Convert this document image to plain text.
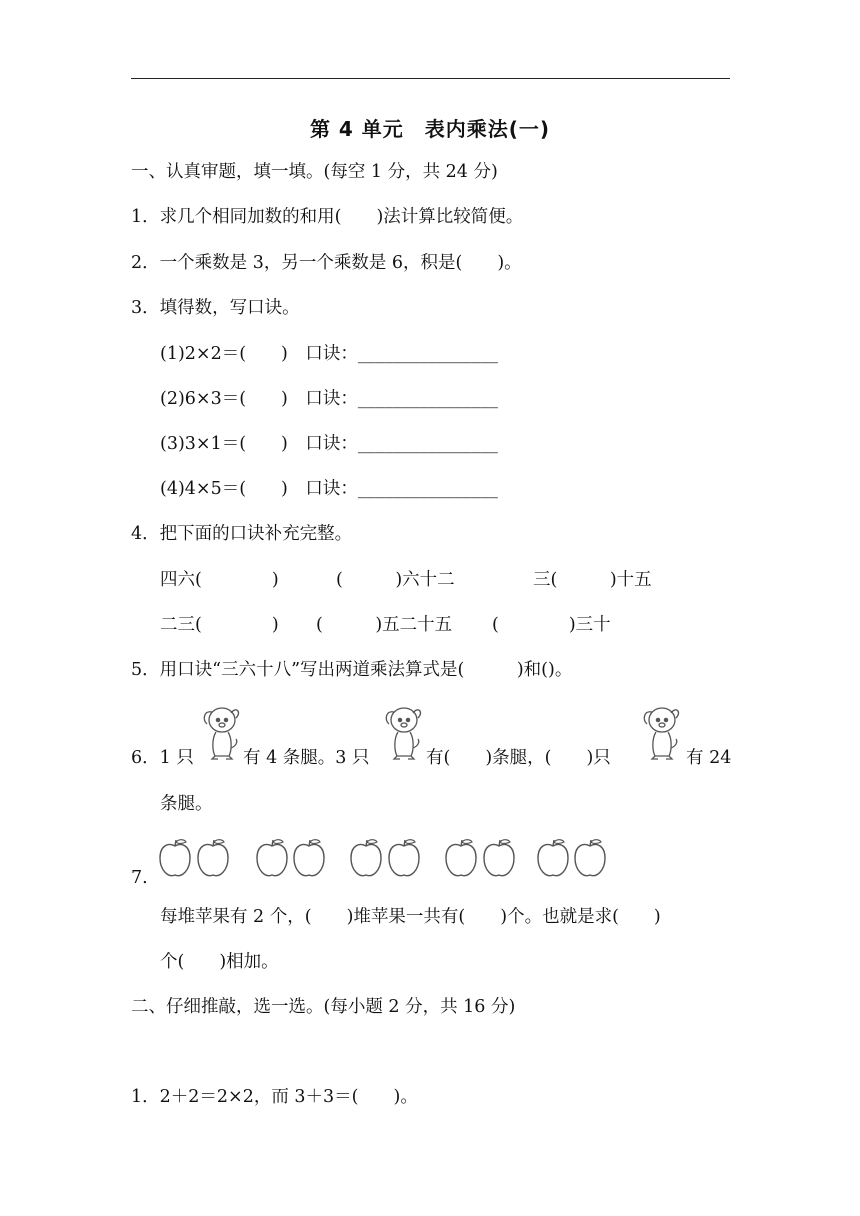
第 4 单元　表内乘法(一)
一、认真审题，填一填。(每空 1 分，共 24 分)
1．求几个相同加数的和用(　　)法计算比较简便。
2．一个乘数是 3，另一个乘数是 6，积是(　　)。
3．填得数，写口诀。
(1)2×2＝(　　)　口诀：________________
(2)6×3＝(　　)　口诀：________________
(3)3×1＝(　　)　口诀：________________
(4)4×5＝(　　)　口诀：________________
4．把下面的口诀补充完整。
四六(　　　　)	(　　　)六十二	三(　　　)十五
二三(　　　　) (　　　)五二十五 (　　　　)三十
5．用口诀“三六十八”写出两道乘法算式是(　　　)和()。
6．1 只	有 4 条腿。3 只	有(　　)条腿，(　　)只	有 24
条腿。
7.
每堆苹果有 2 个，(　　)堆苹果一共有(　　)个。也就是求(　　)
个(　　)相加。
二、仔细推敲，选一选。(每小题 2 分，共 16 分)
1．2＋2＝2×2，而 3＋3＝(　　)。
